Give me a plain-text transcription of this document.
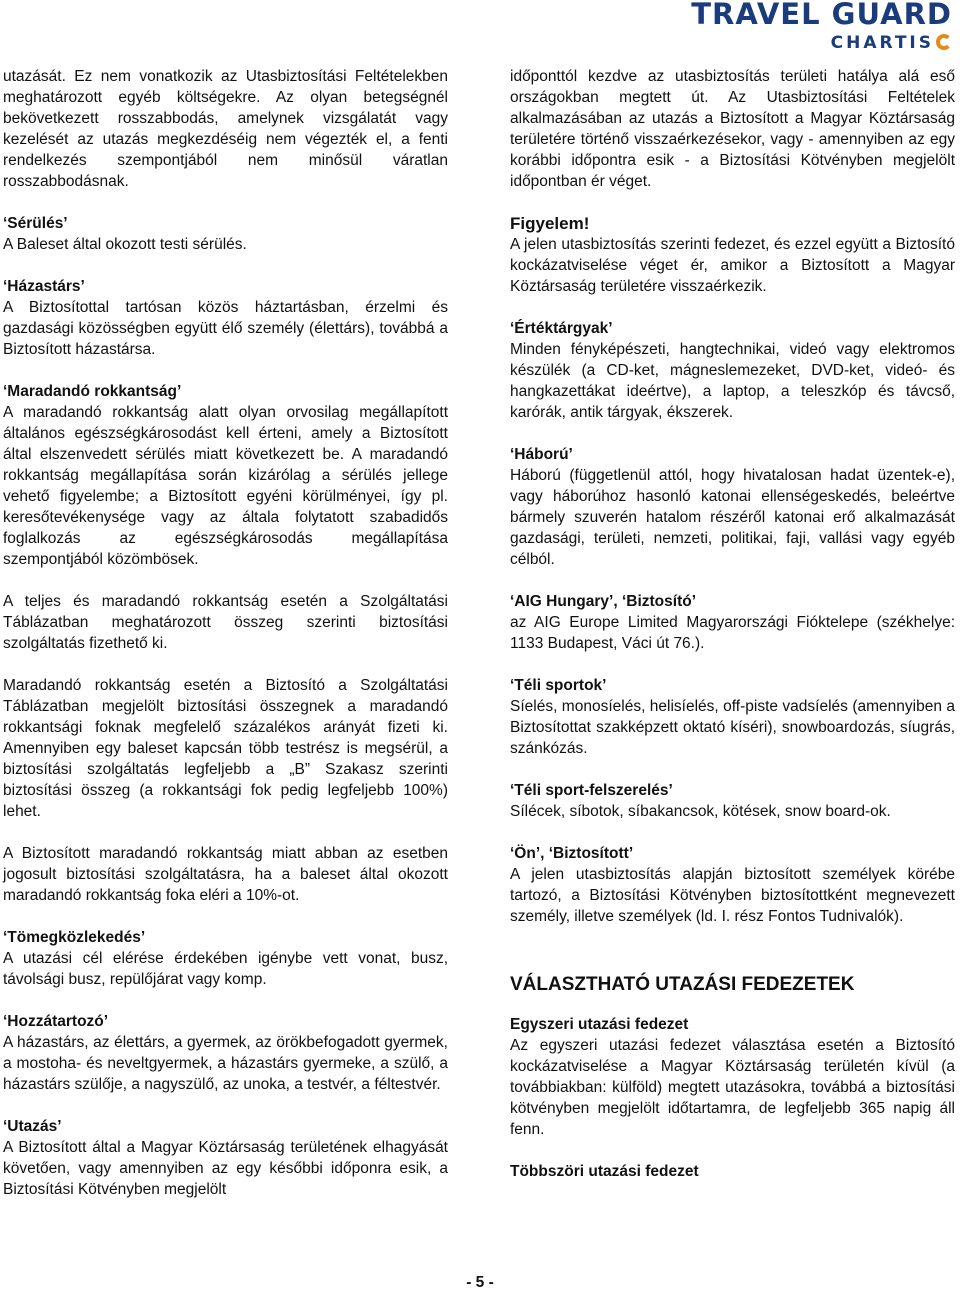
TRAVEL GUARD
CHARTIS

utazását. Ez nem vonatkozik az Utasbiztosítási Feltételekben meghatározott egyéb költségekre. Az olyan betegségnél bekövetkezett rosszabbodás, amelynek vizsgálatát vagy kezelését az utazás megkezdéséig nem végezték el, a fenti rendelkezés szempontjából nem minősül váratlan rosszabbodásnak.

‘Sérülés’

A Baleset által okozott testi sérülés.

‘Házastárs’

A Biztosítottal tartósan közös háztartásban, érzelmi és gazdasági közösségben együtt élő személy (élettárs), továbbá a Biztosított házastársa.

‘Maradandó rokkantság’

A maradandó rokkantság alatt olyan orvosilag megállapított általános egészségkárosodást kell érteni, amely a Biztosított által elszenvedett sérülés miatt következett be. A maradandó rokkantság megállapítása során kizárólag a sérülés jellege vehető figyelembe; a Biztosított egyéni körülményei, így pl. keresőtevékenysége vagy az általa folytatott szabadidős foglalkozás az egészségkárosodás megállapítása szempontjából közömbösek.

A teljes és maradandó rokkantság esetén a Szolgáltatási Táblázatban meghatározott összeg szerinti biztosítási szolgáltatás fizethető ki.

Maradandó rokkantság esetén a Biztosító a Szolgáltatási Táblázatban megjelölt biztosítási összegnek a maradandó rokkantsági foknak megfelelő százalékos arányát fizeti ki. Amennyiben egy baleset kapcsán több testrész is megsérül, a biztosítási szolgáltatás legfeljebb a „B” Szakasz szerinti biztosítási összeg (a rokkantsági fok pedig legfeljebb 100%) lehet.

A Biztosított maradandó rokkantság miatt abban az esetben jogosult biztosítási szolgáltatásra, ha a baleset által okozott maradandó rokkantság foka eléri a 10%-ot.

‘Tömegközlekedés’

A utazási cél elérése érdekében igénybe vett vonat, busz, távolsági busz, repülőjárat vagy komp.

‘Hozzátartozó’

A házastárs, az élettárs, a gyermek, az örökbefogadott gyermek, a mostoha- és neveltgyermek, a házastárs gyermeke, a szülő, a házastárs szülője, a nagyszülő, az unoka, a testvér, a féltestvér.

‘Utazás’

A Biztosított által a Magyar Köztársaság területének elhagyását követően, vagy amennyiben az egy későbbi időponra esik, a Biztosítási Kötvényben megjelölt

időponttól kezdve az utasbiztosítás területi hatálya alá eső országokban megtett út. Az Utasbiztosítási Feltételek alkalmazásában az utazás a Biztosított a Magyar Köztársaság területére történő visszaérkezésekor, vagy - amennyiben az egy korábbi időpontra esik - a Biztosítási Kötvényben megjelölt időpontban ér véget.

Figyelem!

A jelen utasbiztosítás szerinti fedezet, és ezzel együtt a Biztosító kockázatviselése véget ér, amikor a Biztosított a Magyar Köztársaság területére visszaérkezik.

‘Értéktárgyak’

Minden fényképészeti, hangtechnikai, videó vagy elektromos készülék (a CD-ket, mágneslemezeket, DVD-ket, videó- és hangkazettákat ideértve), a laptop, a teleszkóp és távcső, karórák, antik tárgyak, ékszerek.

‘Háború’

Háború (függetlenül attól, hogy hivatalosan hadat üzentek-e), vagy háborúhoz hasonló katonai ellenségeskedés, beleértve bármely szuverén hatalom részéről katonai erő alkalmazását gazdasági, területi, nemzeti, politikai, faji, vallási vagy egyéb célból.

‘AIG Hungary’, ‘Biztosító’

az AIG Europe Limited Magyarországi Fióktelepe (székhelye: 1133 Budapest, Váci út 76.).

‘Téli sportok’

Síelés, monosíelés, helisíelés, off-piste vadsíelés (amennyiben a Biztosítottat szakképzett oktató kíséri), snowboardozás, síugrás, szánkózás.

‘Téli sport-felszerelés’

Sílécek, síbotok, síbakancsok, kötések, snow board-ok.

‘Ön’, ‘Biztosított’

A jelen utasbiztosítás alapján biztosított személyek körébe tartozó, a Biztosítási Kötvényben biztosítottként megnevezett személy, illetve személyek (ld. I. rész Fontos Tudnivalók).

VÁLASZTHATÓ UTAZÁSI FEDEZETEK

Egyszeri utazási fedezet

Az egyszeri utazási fedezet választása esetén a Biztosító kockázatviselése a Magyar Köztársaság területén kívül (a továbbiakban: külföld) megtett utazásokra, továbbá a biztosítási kötvényben megjelölt időtartamra, de legfeljebb 365 napig áll fenn.

Többszöri utazási fedezet

- 5 -
